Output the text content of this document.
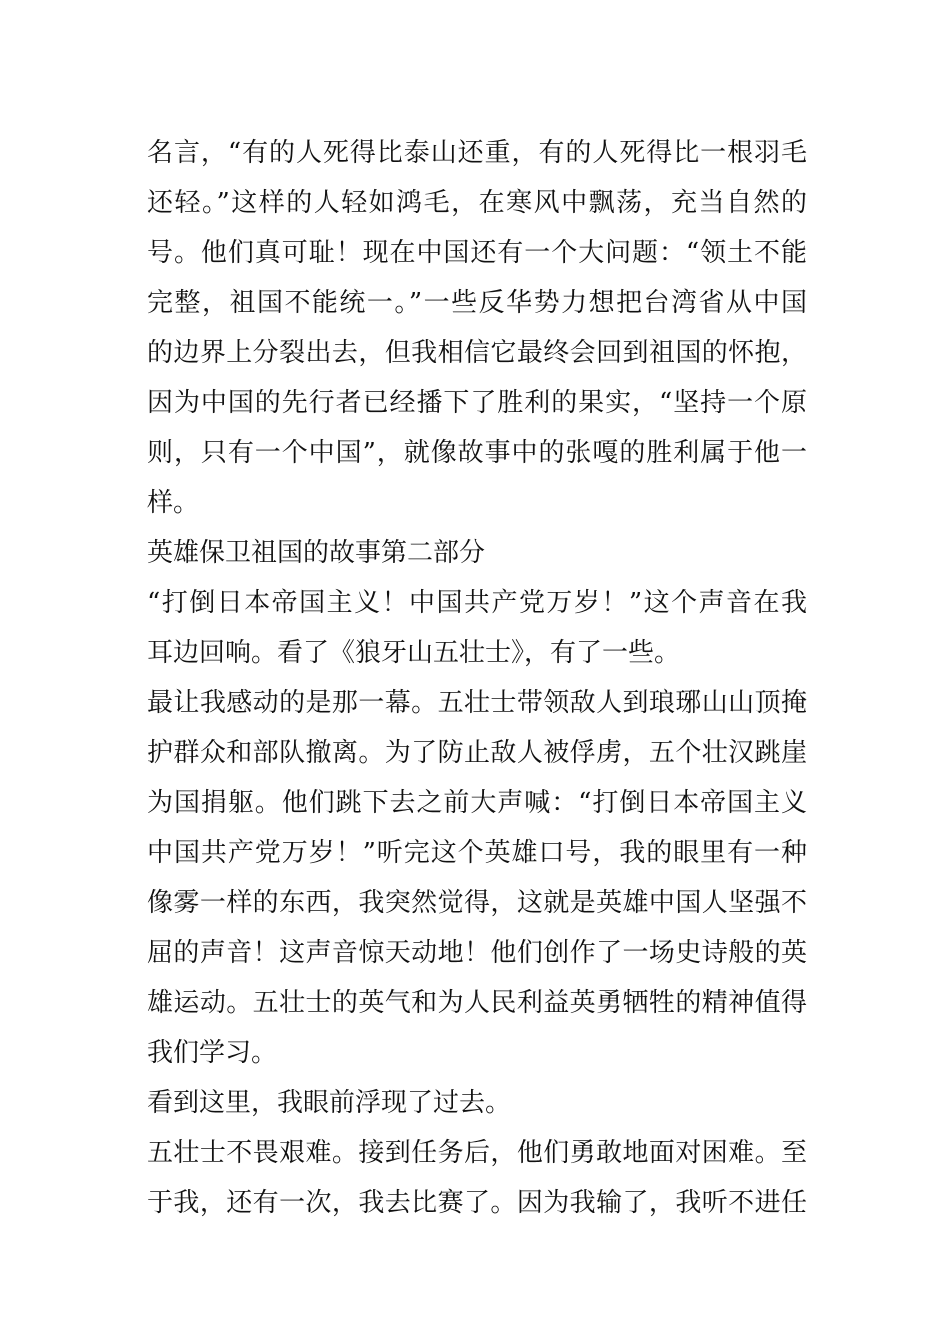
名言，“有的人死得比泰山还重，有的人死得比一根羽毛
还轻。”这样的人轻如鸿毛，在寒风中飘荡，充当自然的
号。他们真可耻！现在中国还有一个大问题：“领土不能
完整，祖国不能统一。”一些反华势力想把台湾省从中国
的边界上分裂出去，但我相信它最终会回到祖国的怀抱，
因为中国的先行者已经播下了胜利的果实，“坚持一个原
则，只有一个中国”，就像故事中的张嘎的胜利属于他一
样。
英雄保卫祖国的故事第二部分
“打倒日本帝国主义！中国共产党万岁！”这个声音在我
耳边回响。看了《狼牙山五壮士》，有了一些。
最让我感动的是那一幕。五壮士带领敌人到琅琊山山顶掩
护群众和部队撤离。为了防止敌人被俘虏，五个壮汉跳崖
为国捐躯。他们跳下去之前大声喊：“打倒日本帝国主义
中国共产党万岁！”听完这个英雄口号，我的眼里有一种
像雾一样的东西，我突然觉得，这就是英雄中国人坚强不
屈的声音！这声音惊天动地！他们创作了一场史诗般的英
雄运动。五壮士的英气和为人民利益英勇牺牲的精神值得
我们学习。
看到这里，我眼前浮现了过去。
五壮士不畏艰难。接到任务后，他们勇敢地面对困难。至
于我，还有一次，我去比赛了。因为我输了，我听不进任
